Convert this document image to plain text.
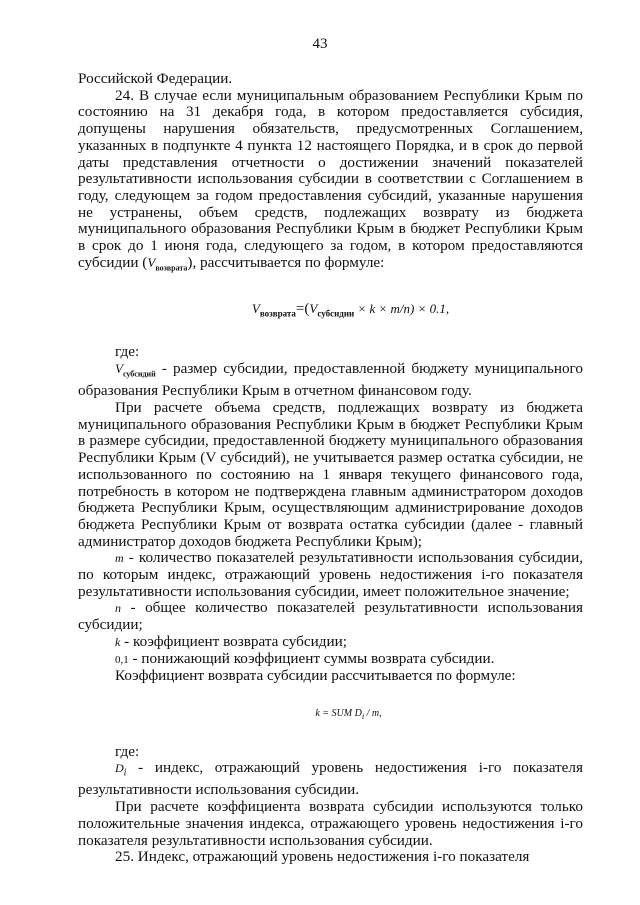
43

Российской Федерации.

24. В случае если муниципальным образованием Республики Крым по состоянию на 31 декабря года, в котором предоставляется субсидия, допущены нарушения обязательств, предусмотренных Соглашением, указанных в подпункте 4 пункта 12 настоящего Порядка, и в срок до первой даты представления отчетности о достижении значений показателей результативности использования субсидии в соответствии с Соглашением в году, следующем за годом предоставления субсидий, указанные нарушения не устранены, объем средств, подлежащих возврату из бюджета муниципального образования Республики Крым в бюджет Республики Крым в срок до 1 июня года, следующего за годом, в котором предоставляются субсидии $(V_{возврата})$, рассчитывается по формуле:

$V_{возврата}=(V_{субсидии} \times k \times m/n) \times 0.1$,

где:

$V_{субсидий}$ - размер субсидии, предоставленной бюджету муниципального образования Республики Крым в отчетном финансовом году.

При расчете объема средств, подлежащих возврату из бюджета муниципального образования Республики Крым в бюджет Республики Крым в размере субсидии, предоставленной бюджету муниципального образования Республики Крым (V субсидий), не учитывается размер остатка субсидии, не использованного по состоянию на 1 января текущего финансового года, потребность в котором не подтверждена главным администратором доходов бюджета Республики Крым, осуществляющим администрирование доходов бюджета Республики Крым от возврата остатка субсидии (далее - главный администратор доходов бюджета Республики Крым);

m - количество показателей результативности использования субсидии, по которым индекс, отражающий уровень недостижения i-го показателя результативности использования субсидии, имеет положительное значение;

n - общее количество показателей результативности использования субсидии;

k - коэффициент возврата субсидии;

0,1 - понижающий коэффициент суммы возврата субсидии.

Коэффициент возврата субсидии рассчитывается по формуле:

k = SUM $D_i$ / m,

где:

$D_i$ - индекс, отражающий уровень недостижения i-го показателя результативности использования субсидии.

При расчете коэффициента возврата субсидии используются только положительные значения индекса, отражающего уровень недостижения i-го показателя результативности использования субсидии.

25. Индекс, отражающий уровень недостижения i-го показателя
